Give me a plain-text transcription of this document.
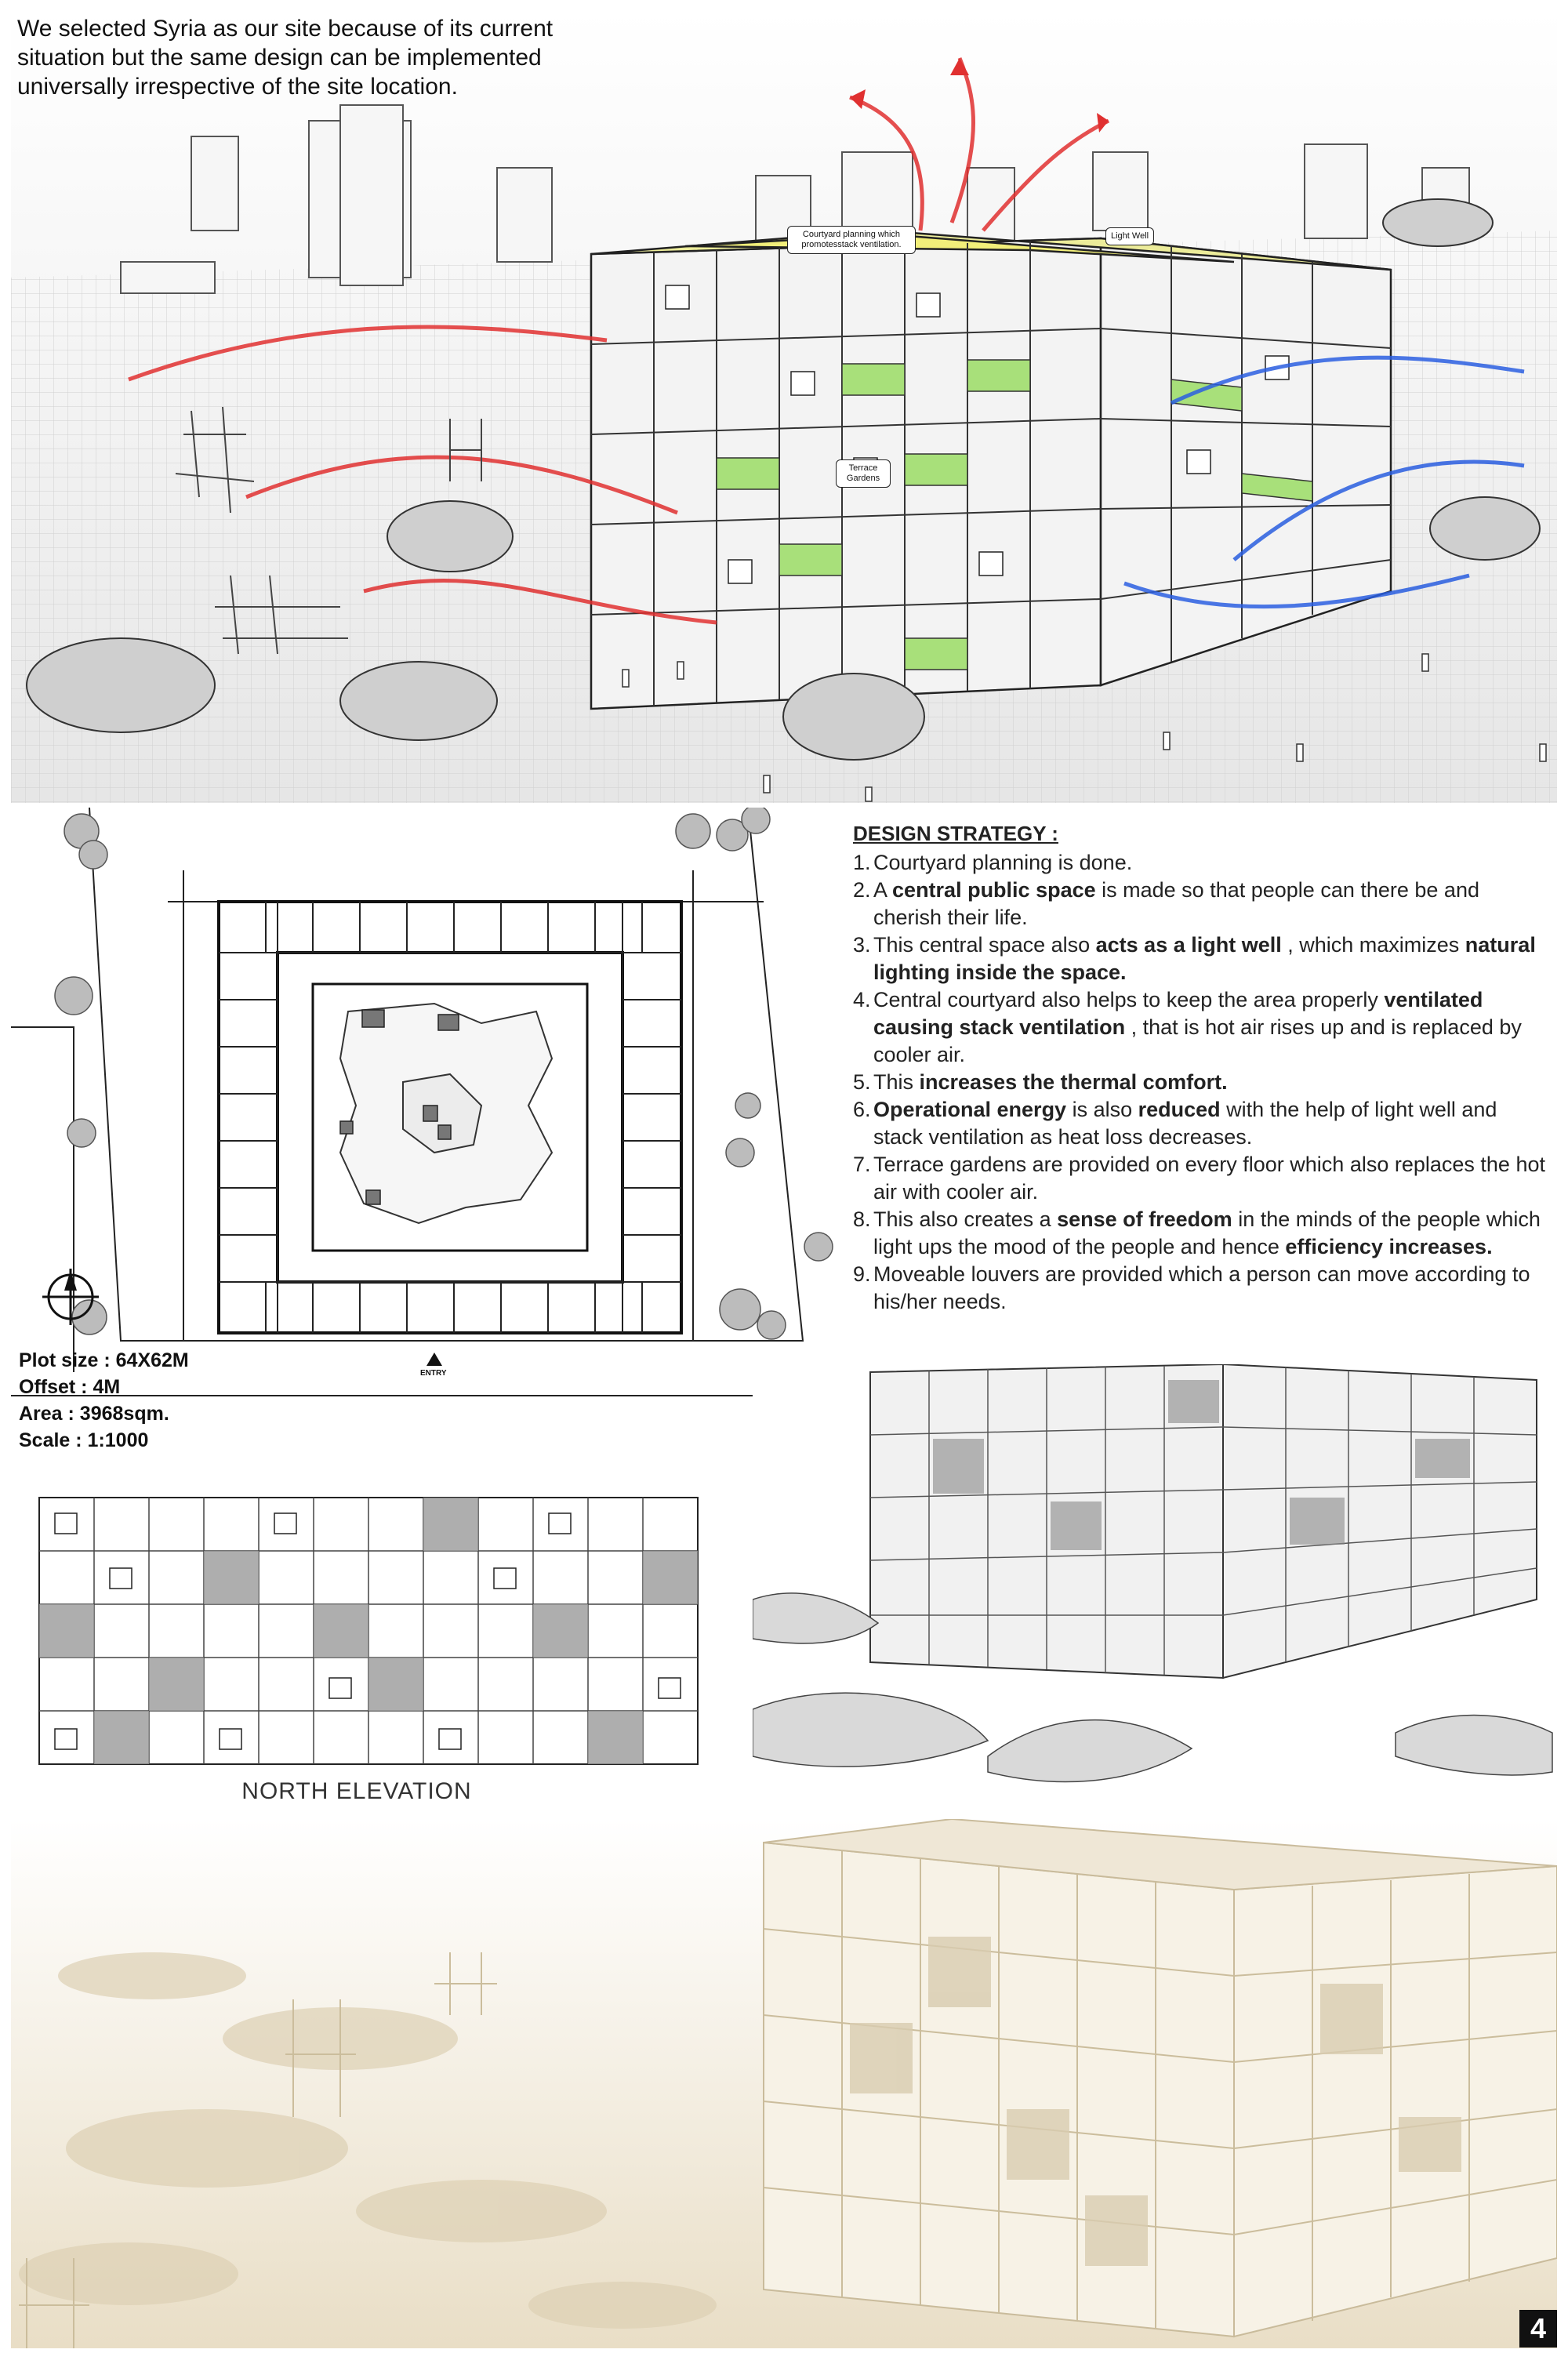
Courtyard planning which
promotesstack ventilation.
Light Well
Terrace
Gardens
We selected Syria as our site because of its current
situation but the same design can be implemented
universally irrespective of the site location.
ENTRY
Plot size : 64X62M
Offset : 4M
Area : 3968sqm.
Scale : 1:1000
DESIGN STRATEGY :
1. Courtyard planning is done.
2. A central public space is made so that people can there be and cherish their life.
3. This central space also acts as a light well , which maximizes natural lighting inside the space.
4. Central courtyard also helps to keep the area properly ventilated causing stack ventilation , that is hot air rises up and is replaced by cooler air.
5. This increases the thermal comfort.
6. Operational energy is also reduced with the help of light well and stack ventilation as heat loss decreases.
7. Terrace gardens are provided on every floor which also replaces the hot air with cooler air.
8. This also creates a sense of freedom in the minds of the people which light ups the mood of the people and hence efficiency increases.
9. Moveable louvers are provided which a person can move according to his/her needs.
NORTH ELEVATION
4
